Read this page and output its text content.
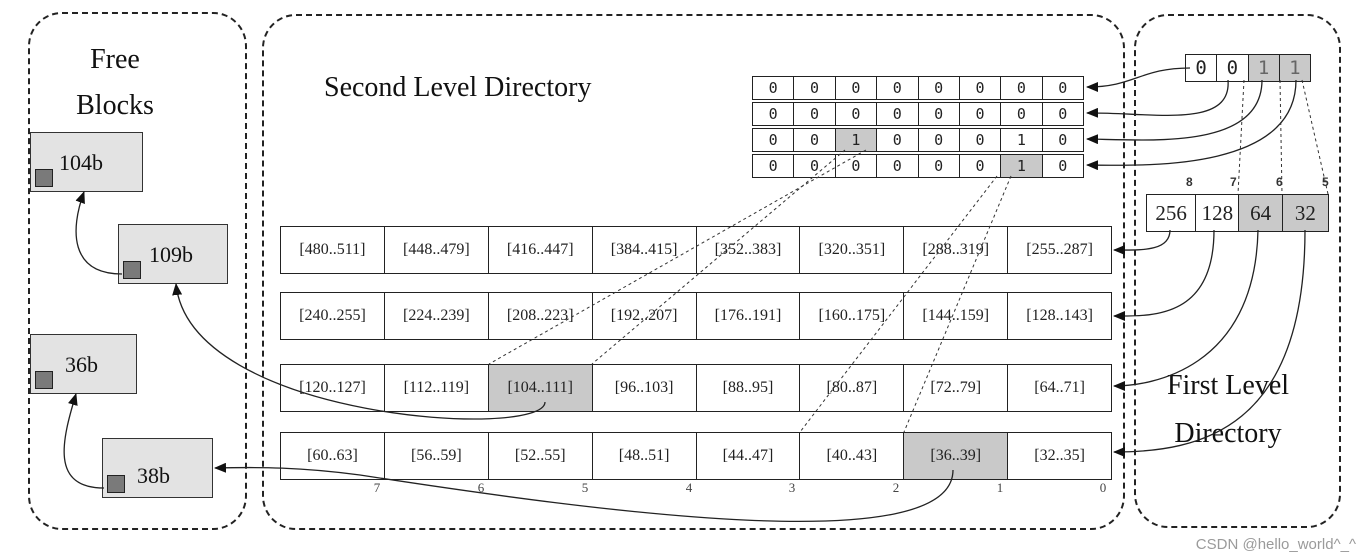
Free
Blocks
Second Level Directory
First Level
Directory
104b
109b
36b
38b
0	0	0	0	0	0	0	0
0	0	0	0	0	0	0	0
0	0	1	0	0	0	1	0
0	0	0	0	0	0	1	0
[480..511]	[448..479]	[416..447]	[384..415]	[352..383]	[320..351]	[288..319]	[255..287]
[240..255]	[224..239]	[208..223]	[192..207]	[176..191]	[160..175]	[144..159]	[128..143]
[120..127]	[112..119]	[104..111]	[96..103]	[88..95]	[80..87]	[72..79]	[64..71]
[60..63]	[56..59]	[52..55]	[48..51]	[44..47]	[40..43]	[36..39]	[32..35]
7	6	5	4	3	2	1	0
0	0	1	1
8	7	6	5
256 128 64	32
CSDN @hello_world^_^
